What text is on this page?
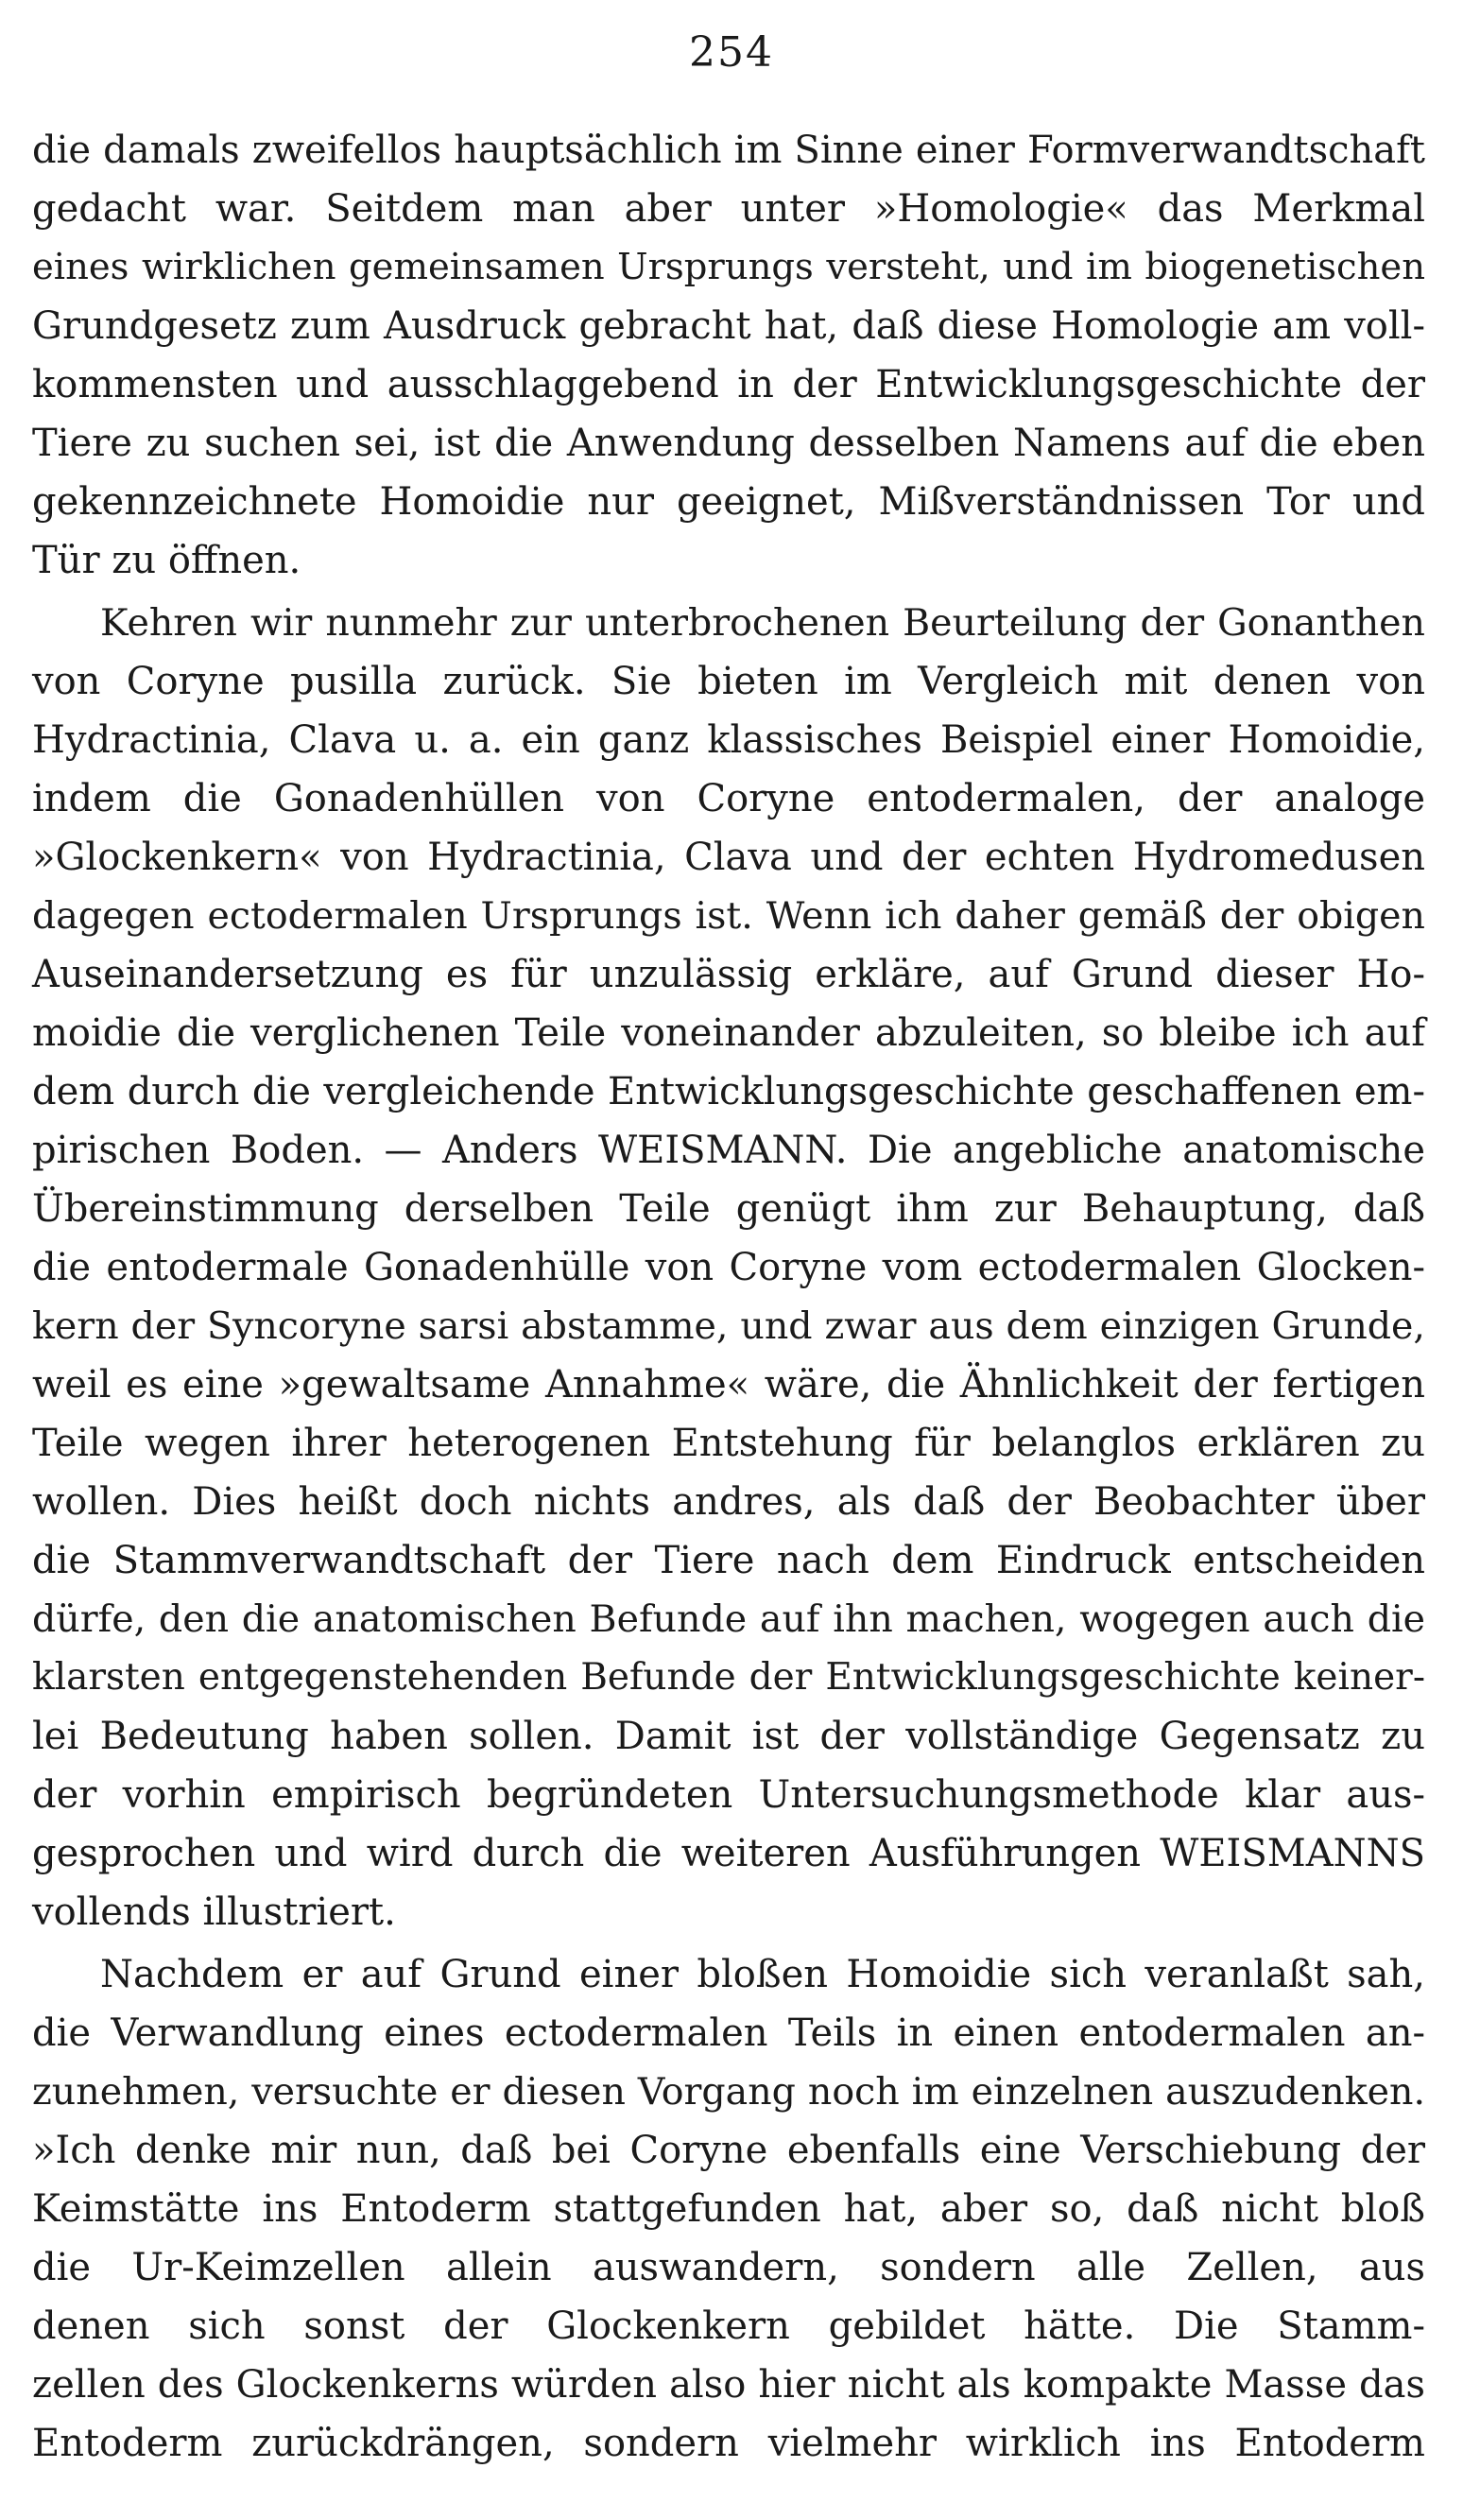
254
die damals zweifellos hauptsächlich im Sinne einer Formverwandtschaft
gedacht war. Seitdem man aber unter »Homologie« das Merkmal
eines wirklichen gemeinsamen Ursprungs versteht, und im biogenetischen
Grundgesetz zum Ausdruck gebracht hat, daß diese Homologie am voll-
kommensten und ausschlaggebend in der Entwicklungsgeschichte der
Tiere zu suchen sei, ist die Anwendung desselben Namens auf die eben
gekennzeichnete Homoidie nur geeignet, Mißverständnissen Tor und
Tür zu öffnen.
Kehren wir nunmehr zur unterbrochenen Beurteilung der Gonanthen
von Coryne pusilla zurück. Sie bieten im Vergleich mit denen von
Hydractinia, Clava u. a. ein ganz klassisches Beispiel einer Homoidie,
indem die Gonadenhüllen von Coryne entodermalen, der analoge
»Glockenkern« von Hydractinia, Clava und der echten Hydromedusen
dagegen ectodermalen Ursprungs ist. Wenn ich daher gemäß der obigen
Auseinandersetzung es für unzulässig erkläre, auf Grund dieser Ho-
moidie die verglichenen Teile voneinander abzuleiten, so bleibe ich auf
dem durch die vergleichende Entwicklungsgeschichte geschaffenen em-
pirischen Boden. — Anders WEISMANN. Die angebliche anatomische
Übereinstimmung derselben Teile genügt ihm zur Behauptung, daß
die entodermale Gonadenhülle von Coryne vom ectodermalen Glocken-
kern der Syncoryne sarsi abstamme, und zwar aus dem einzigen Grunde,
weil es eine »gewaltsame Annahme« wäre, die Ähnlichkeit der fertigen
Teile wegen ihrer heterogenen Entstehung für belanglos erklären zu
wollen. Dies heißt doch nichts andres, als daß der Beobachter über
die Stammverwandtschaft der Tiere nach dem Eindruck entscheiden
dürfe, den die anatomischen Befunde auf ihn machen, wogegen auch die
klarsten entgegenstehenden Befunde der Entwicklungsgeschichte keiner-
lei Bedeutung haben sollen. Damit ist der vollständige Gegensatz zu
der vorhin empirisch begründeten Untersuchungsmethode klar aus-
gesprochen und wird durch die weiteren Ausführungen WEISMANNS
vollends illustriert.
Nachdem er auf Grund einer bloßen Homoidie sich veranlaßt sah,
die Verwandlung eines ectodermalen Teils in einen entodermalen an-
zunehmen, versuchte er diesen Vorgang noch im einzelnen auszudenken.
»Ich denke mir nun, daß bei Coryne ebenfalls eine Verschiebung der
Keimstätte ins Entoderm stattgefunden hat, aber so, daß nicht bloß
die Ur-Keimzellen allein auswandern, sondern alle Zellen, aus
denen sich sonst der Glockenkern gebildet hätte. Die Stamm-
zellen des Glockenkerns würden also hier nicht als kompakte Masse das
Entoderm zurückdrängen, sondern vielmehr wirklich ins Entoderm
